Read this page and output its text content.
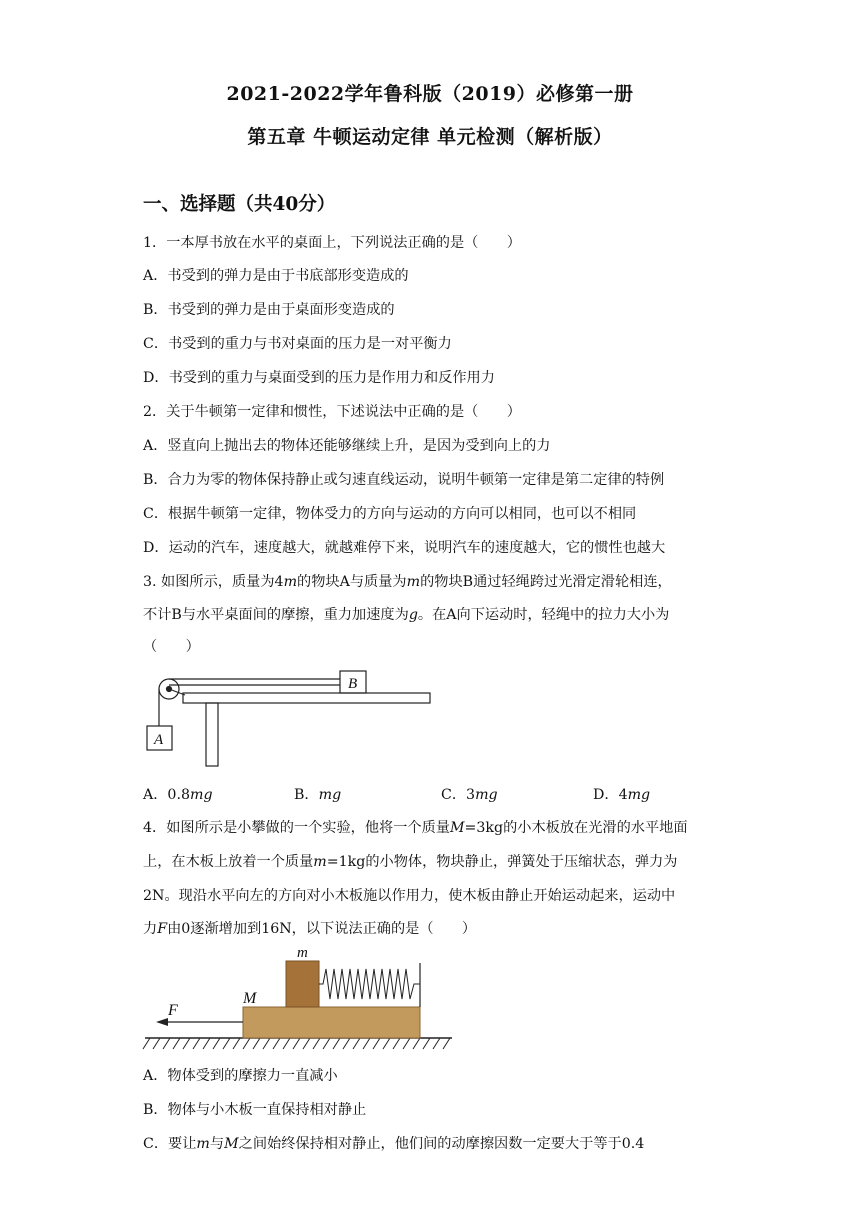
2021-2022学年鲁科版（2019）必修第一册
第五章 牛顿运动定律 单元检测（解析版）
一、选择题（共40分）
1．一本厚书放在水平的桌面上，下列说法正确的是（　　）
A．书受到的弹力是由于书底部形变造成的
B．书受到的弹力是由于桌面形变造成的
C．书受到的重力与书对桌面的压力是一对平衡力
D．书受到的重力与桌面受到的压力是作用力和反作用力
2．关于牛顿第一定律和惯性，下述说法中正确的是（　　）
A．竖直向上抛出去的物体还能够继续上升，是因为受到向上的力
B．合力为零的物体保持静止或匀速直线运动，说明牛顿第一定律是第二定律的特例
C．根据牛顿第一定律，物体受力的方向与运动的方向可以相同，也可以不相同
D．运动的汽车，速度越大，就越难停下来，说明汽车的速度越大，它的惯性也越大
3. 如图所示，质量为4m的物块A与质量为m的物块B通过轻绳跨过光滑定滑轮相连，
不计B与水平桌面间的摩擦，重力加速度为g。在A向下运动时，轻绳中的拉力大小为
（　　）
B
A
A．0.8mg	B．mg	C．3mg	D．4mg
4．如图所示是小攀做的一个实验，他将一个质量M=3kg的小木板放在光滑的水平地面
上，在木板上放着一个质量m=1kg的小物体，物块静止，弹簧处于压缩状态，弹力为
2N。现沿水平向左的方向对小木板施以作用力，使木板由静止开始运动起来，运动中
力F由0逐渐增加到16N，以下说法正确的是（　　）
F
M
m
A．物体受到的摩擦力一直减小
B．物体与小木板一直保持相对静止
C．要让m与M之间始终保持相对静止，他们间的动摩擦因数一定要大于等于0.4
